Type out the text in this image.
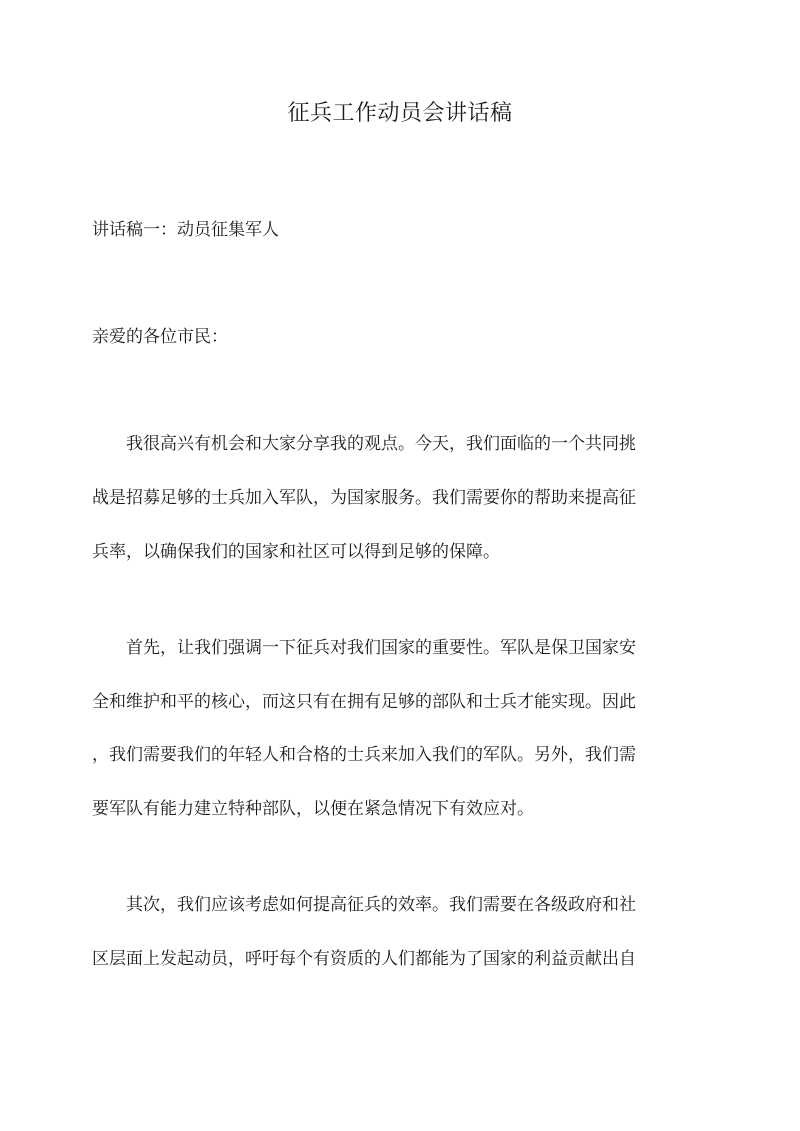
征兵工作动员会讲话稿
讲话稿一：动员征集军人
亲爱的各位市民：
　　我很高兴有机会和大家分享我的观点。今天，我们面临的一个共同挑
战是招募足够的士兵加入军队，为国家服务。我们需要你的帮助来提高征
兵率，以确保我们的国家和社区可以得到足够的保障。
　　首先，让我们强调一下征兵对我们国家的重要性。军队是保卫国家安
全和维护和平的核心，而这只有在拥有足够的部队和士兵才能实现。因此
，我们需要我们的年轻人和合格的士兵来加入我们的军队。另外，我们需
要军队有能力建立特种部队，以便在紧急情况下有效应对。
　　其次，我们应该考虑如何提高征兵的效率。我们需要在各级政府和社
区层面上发起动员，呼吁每个有资质的人们都能为了国家的利益贡献出自
